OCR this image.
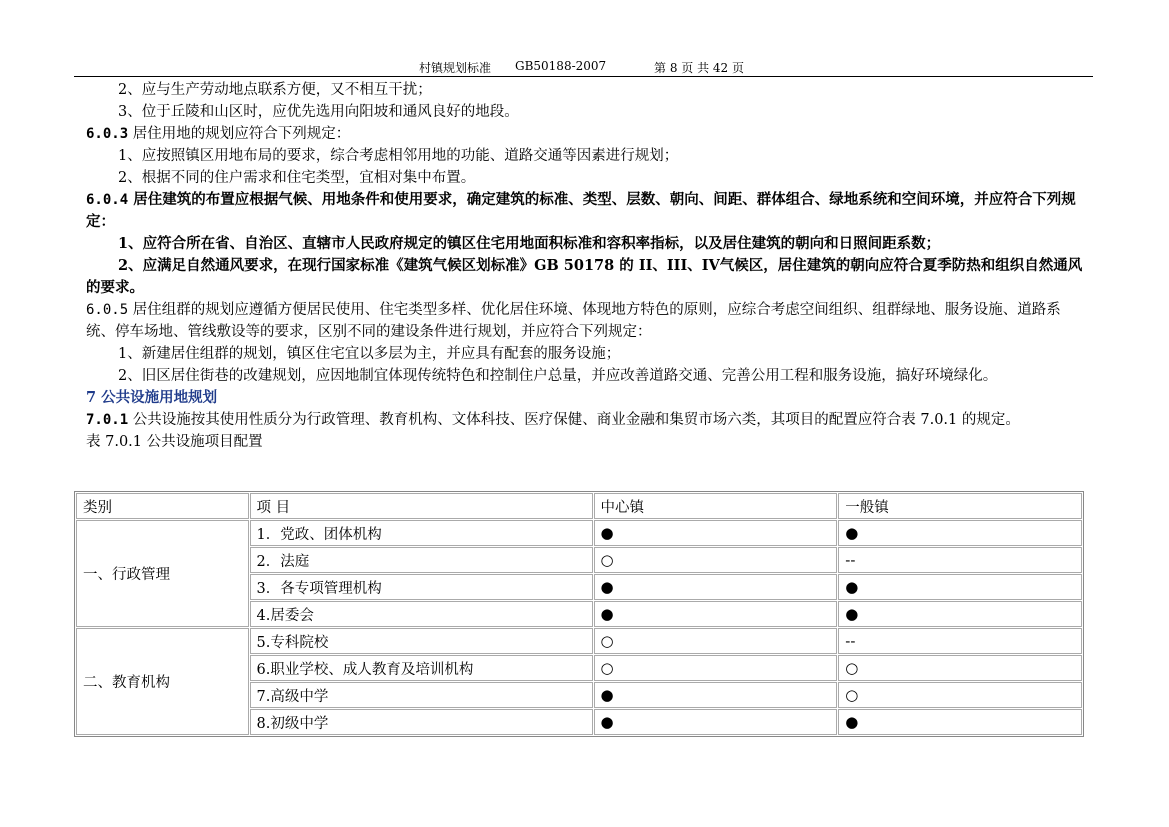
村镇规划标准 GB50188-2007	第 8 页 共 42 页
2、应与生产劳动地点联系方便，又不相互干扰；
3、位于丘陵和山区时，应优先选用向阳坡和通风良好的地段。
6.0.3 居住用地的规划应符合下列规定：
1、应按照镇区用地布局的要求，综合考虑相邻用地的功能、道路交通等因素进行规划；
2、根据不同的住户需求和住宅类型，宜相对集中布置。
6.0.4 居住建筑的布置应根据气候、用地条件和使用要求，确定建筑的标准、类型、层数、朝向、间距、群体组合、绿地系统和空间环境，并应符合下列规定：
1、应符合所在省、自治区、直辖市人民政府规定的镇区住宅用地面积标准和容积率指标，以及居住建筑的朝向和日照间距系数；
2、应满足自然通风要求，在现行国家标准《建筑气候区划标准》GB 50178 的 II、III、IV气候区，居住建筑的朝向应符合夏季防热和组织自然通风的要求。
6.0.5 居住组群的规划应遵循方便居民使用、住宅类型多样、优化居住环境、体现地方特色的原则，应综合考虑空间组织、组群绿地、服务设施、道路系统、停车场地、管线敷设等的要求，区别不同的建设条件进行规划，并应符合下列规定：
1、新建居住组群的规划，镇区住宅宜以多层为主，并应具有配套的服务设施；
2、旧区居住街巷的改建规划，应因地制宜体现传统特色和控制住户总量，并应改善道路交通、完善公用工程和服务设施，搞好环境绿化。
7 公共设施用地规划
7.0.1 公共设施按其使用性质分为行政管理、教育机构、文体科技、医疗保健、商业金融和集贸市场六类，其项目的配置应符合表 7.0.1 的规定。
表 7.0.1 公共设施项目配置
类别	项 目	中心镇	一般镇
一、行政管理	1．党政、团体机构	●	●
	2．法庭	○	--
	3．各专项管理机构	●	●
	4.居委会	●	●
二、教育机构	5.专科院校	○	--
	6.职业学校、成人教育及培训机构	○	○
	7.高级中学	●	○
	8.初级中学	●	●
